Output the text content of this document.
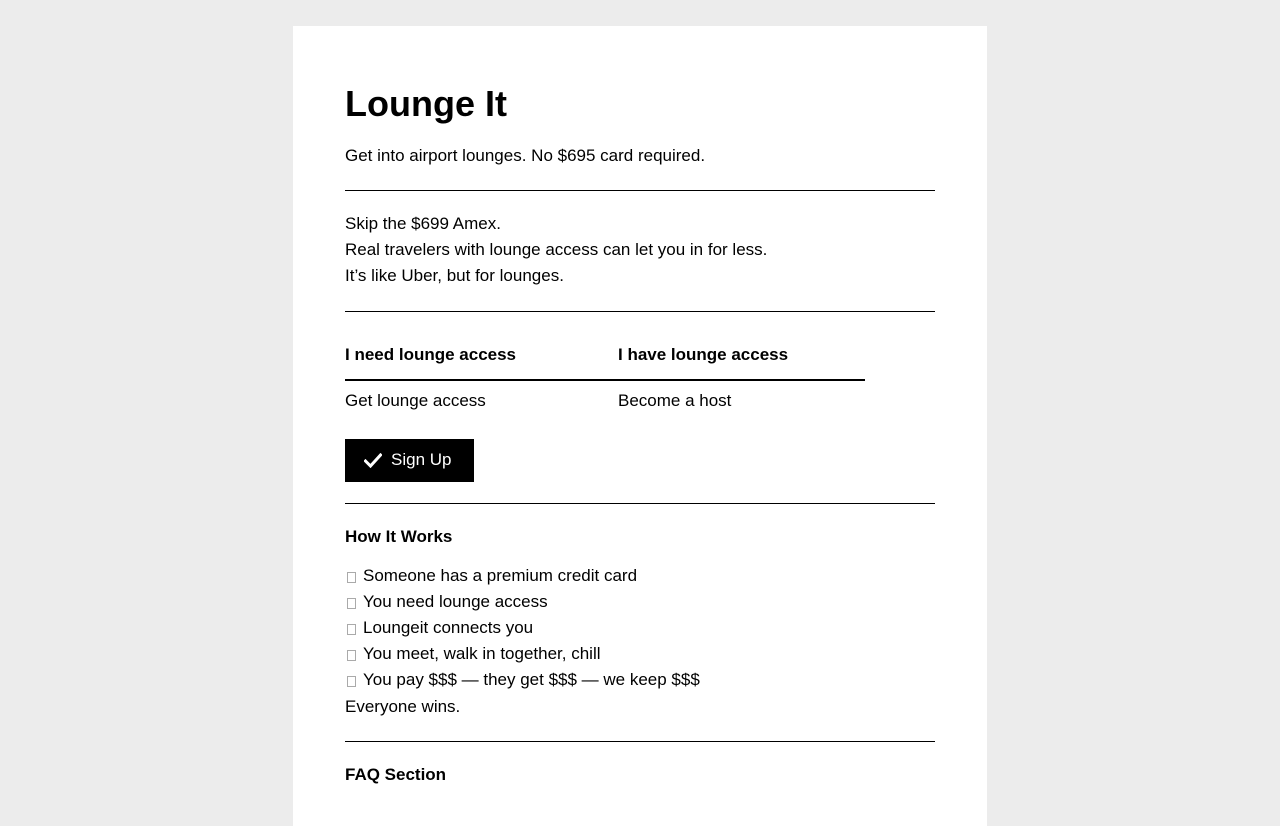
Lounge It
Get into airport lounges. No $695 card required.
Skip the $699 Amex.
Real travelers with lounge access can let you in for less.
It’s like Uber, but for lounges.
I need lounge access	I have lounge access
Get lounge access	Become a host
Sign Up
How It Works
Someone has a premium credit card
You need lounge access
Loungeit connects you
You meet, walk in together, chill
You pay $$$ — they get $$$ — we keep $$$
Everyone wins.
FAQ Section
